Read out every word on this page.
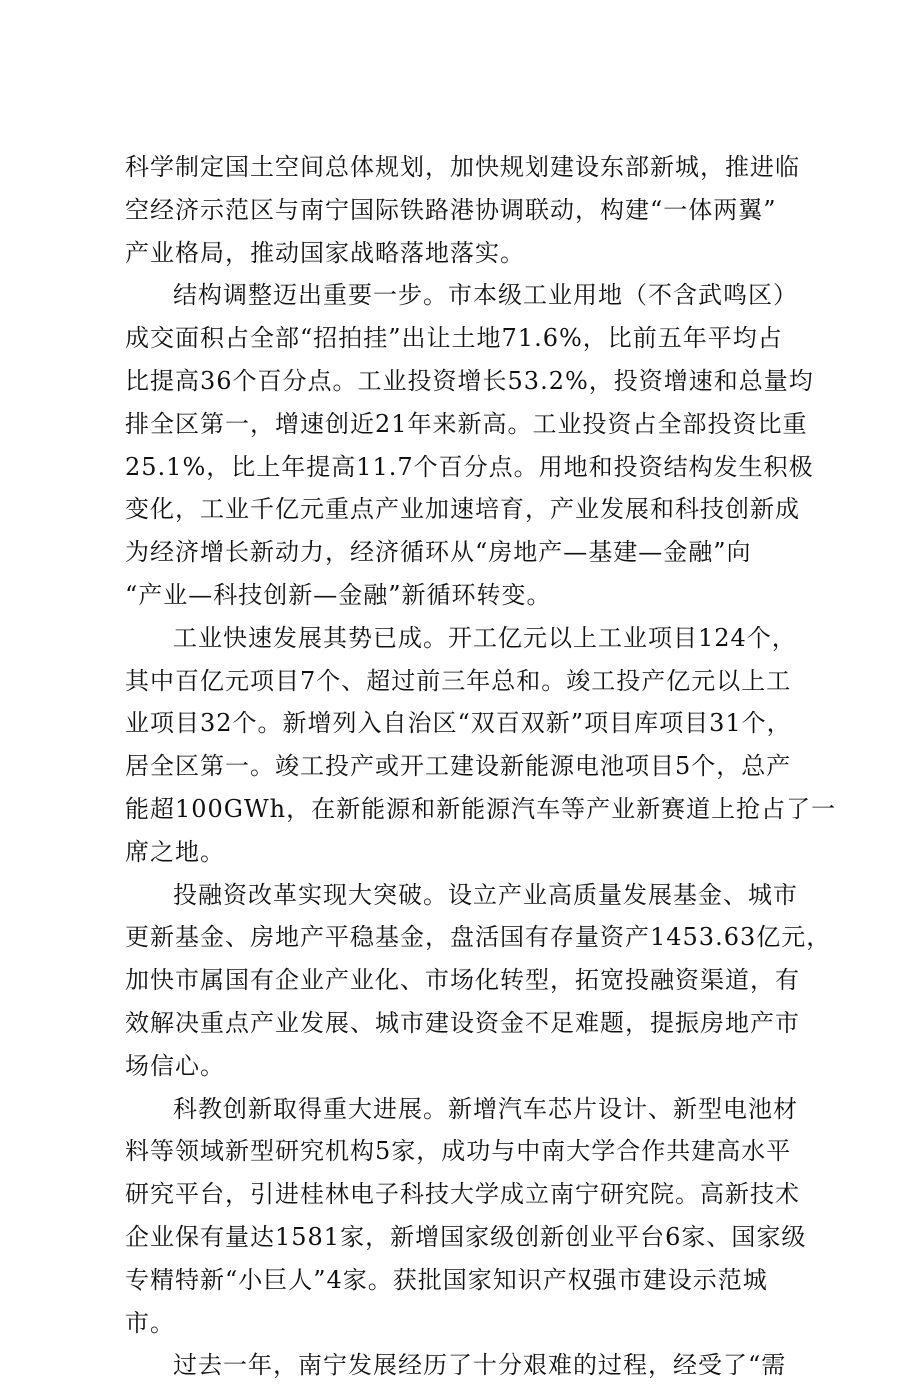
科学制定国土空间总体规划，加快规划建设东部新城，推进临
空经济示范区与南宁国际铁路港协调联动，构建“一体两翼”
产业格局，推动国家战略落地落实。

结构调整迈出重要一步。市本级工业用地（不含武鸣区）
成交面积占全部“招拍挂”出让土地71.6%，比前五年平均占
比提高36个百分点。工业投资增长53.2%，投资增速和总量均
排全区第一，增速创近21年来新高。工业投资占全部投资比重
25.1%，比上年提高11.7个百分点。用地和投资结构发生积极
变化，工业千亿元重点产业加速培育，产业发展和科技创新成
为经济增长新动力，经济循环从“房地产—基建—金融”向
“产业—科技创新—金融”新循环转变。

工业快速发展其势已成。开工亿元以上工业项目124个，
其中百亿元项目7个、超过前三年总和。竣工投产亿元以上工
业项目32个。新增列入自治区“双百双新”项目库项目31个，
居全区第一。竣工投产或开工建设新能源电池项目5个，总产
能超100GWh，在新能源和新能源汽车等产业新赛道上抢占了一
席之地。

投融资改革实现大突破。设立产业高质量发展基金、城市
更新基金、房地产平稳基金，盘活国有存量资产1453.63亿元，
加快市属国有企业产业化、市场化转型，拓宽投融资渠道，有
效解决重点产业发展、城市建设资金不足难题，提振房地产市
场信心。

科教创新取得重大进展。新增汽车芯片设计、新型电池材
料等领域新型研究机构5家，成功与中南大学合作共建高水平
研究平台，引进桂林电子科技大学成立南宁研究院。高新技术
企业保有量达1581家，新增国家级创新创业平台6家、国家级
专精特新“小巨人”4家。获批国家知识产权强市建设示范城
市。

过去一年，南宁发展经历了十分艰难的过程，经受了“需
